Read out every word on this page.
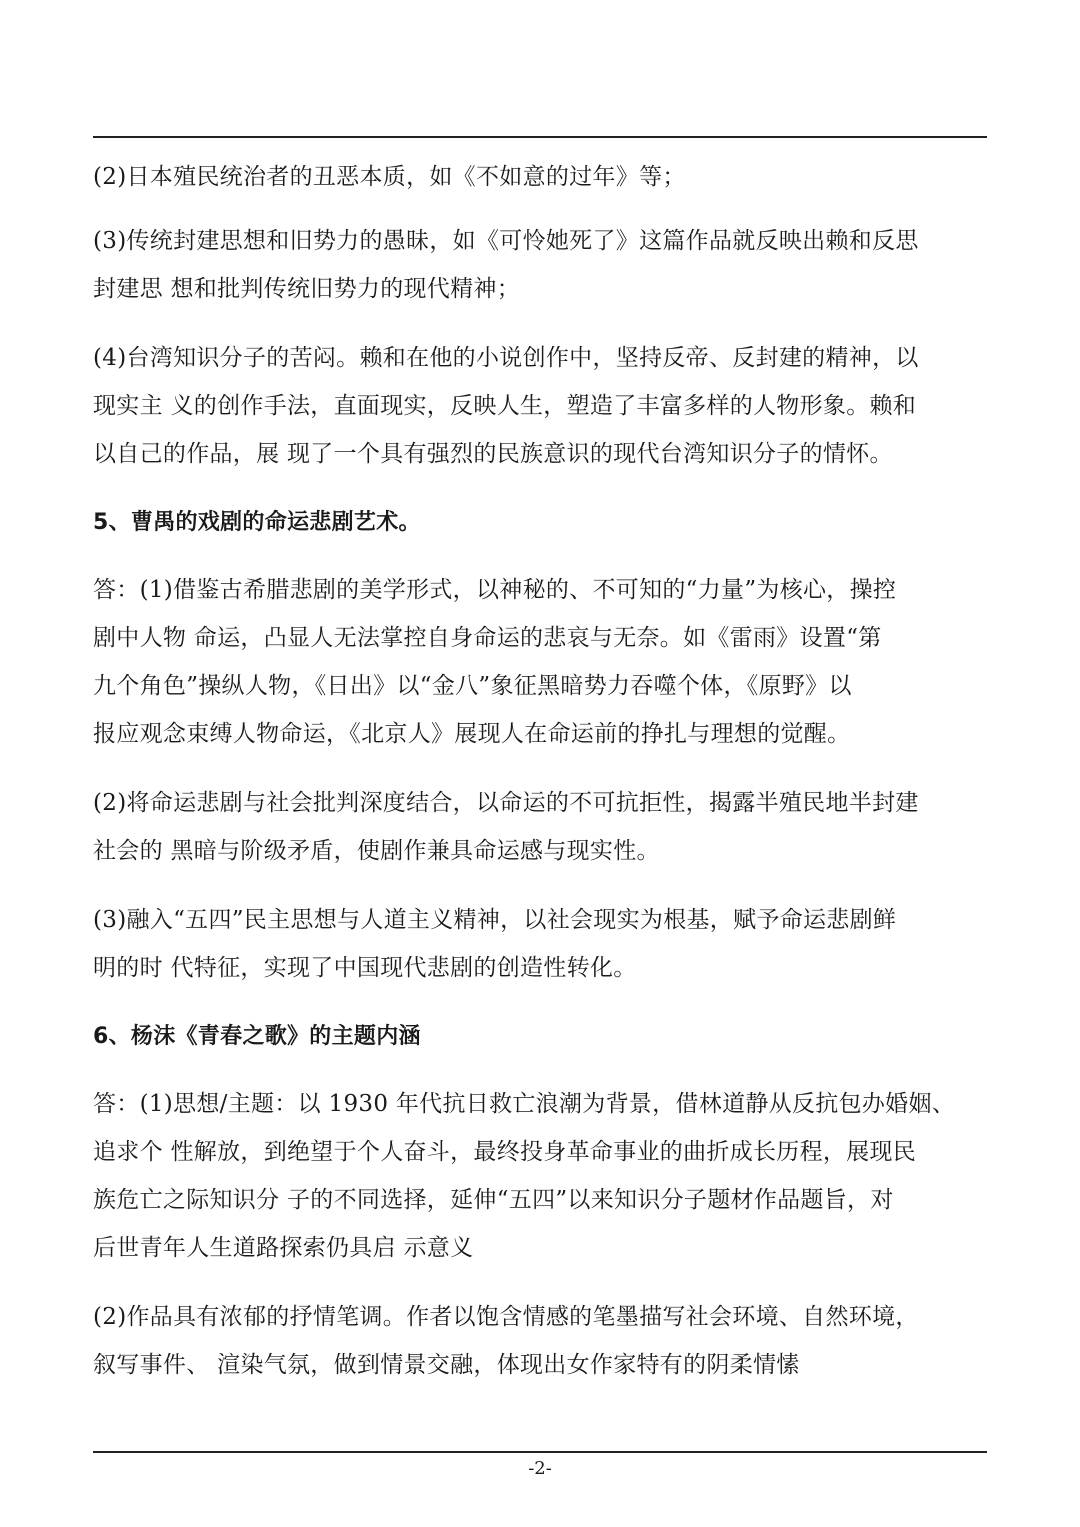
(2)日本殖民统治者的丑恶本质，如《不如意的过年》等；
(3)传统封建思想和旧势力的愚昧，如《可怜她死了》这篇作品就反映出赖和反思
封建思 想和批判传统旧势力的现代精神；
(4)台湾知识分子的苦闷。赖和在他的小说创作中，坚持反帝、反封建的精神，以
现实主 义的创作手法，直面现实，反映人生，塑造了丰富多样的人物形象。赖和
以自己的作品，展 现了一个具有强烈的民族意识的现代台湾知识分子的情怀。
5、曹禺的戏剧的命运悲剧艺术。
答：(1)借鉴古希腊悲剧的美学形式，以神秘的、不可知的“力量”为核心，操控
剧中人物 命运，凸显人无法掌控自身命运的悲哀与无奈。如《雷雨》设置“第
九个角色”操纵人物，《日出》以“金八”象征黑暗势力吞噬个体，《原野》以
报应观念束缚人物命运，《北京人》展现人在命运前的挣扎与理想的觉醒。
(2)将命运悲剧与社会批判深度结合，以命运的不可抗拒性，揭露半殖民地半封建
社会的 黑暗与阶级矛盾，使剧作兼具命运感与现实性。
(3)融入“五四”民主思想与人道主义精神，以社会现实为根基，赋予命运悲剧鲜
明的时 代特征，实现了中国现代悲剧的创造性转化。
6、杨沫《青春之歌》的主题内涵
答：(1)思想/主题：以 1930 年代抗日救亡浪潮为背景，借林道静从反抗包办婚姻、
追求个 性解放，到绝望于个人奋斗，最终投身革命事业的曲折成长历程，展现民
族危亡之际知识分 子的不同选择，延伸“五四”以来知识分子题材作品题旨，对
后世青年人生道路探索仍具启 示意义
(2)作品具有浓郁的抒情笔调。作者以饱含情感的笔墨描写社会环境、自然环境，
叙写事件、 渲染气氛，做到情景交融，体现出女作家特有的阴柔情愫
-2-
